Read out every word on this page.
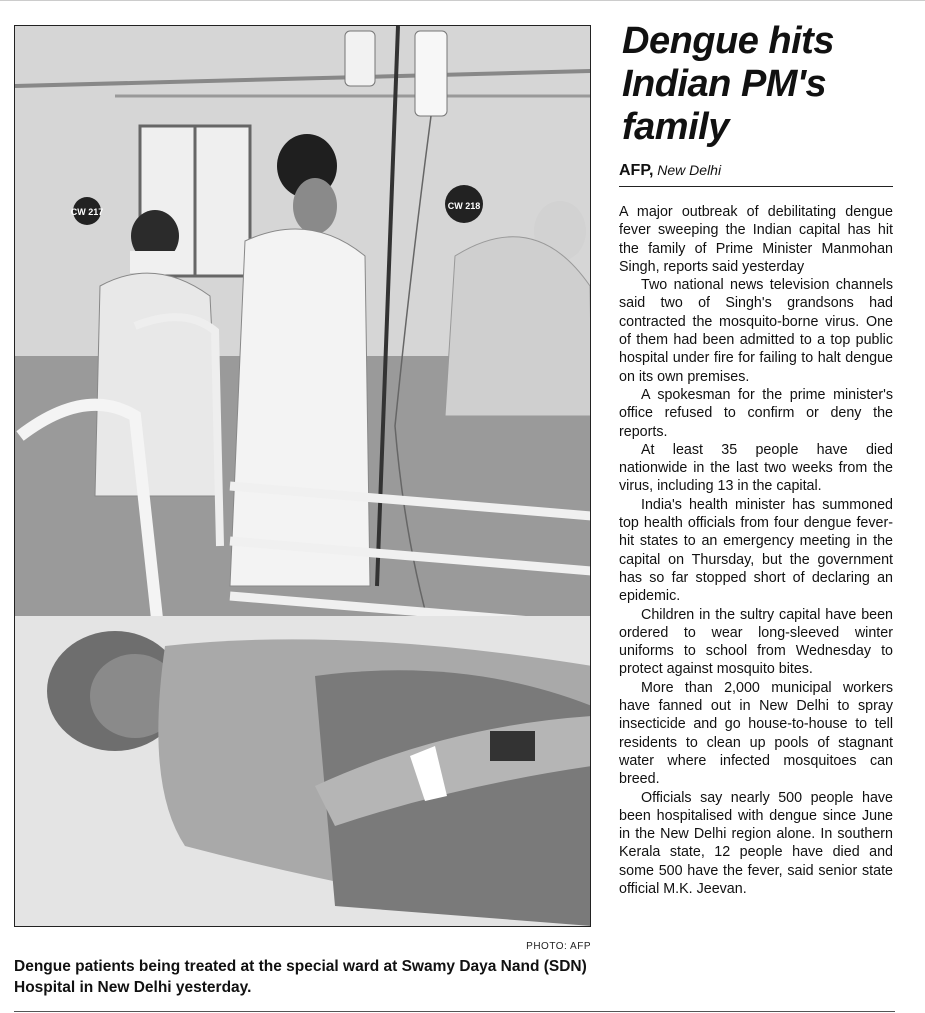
CW 217
CW 218
PHOTO: AFP
Dengue patients being treated at the special ward at Swamy Daya Nand (SDN) Hospital in New Delhi yesterday.
Dengue hits Indian PM's family
AFP, New Delhi

A major outbreak of debilitating dengue fever sweeping the Indian capital has hit the family of Prime Minister Manmohan Singh, reports said yesterday

Two national news television channels said two of Singh's grandsons had contracted the mosquito-borne virus. One of them had been admitted to a top public hospital under fire for failing to halt dengue on its own premises.

A spokesman for the prime minister's office refused to confirm or deny the reports.

At least 35 people have died nationwide in the last two weeks from the virus, including 13 in the capital.

India's health minister has summoned top health officials from four dengue fever-hit states to an emergency meeting in the capital on Thursday, but the government has so far stopped short of declaring an epidemic.

Children in the sultry capital have been ordered to wear long-sleeved winter uniforms to school from Wednesday to protect against mosquito bites.

More than 2,000 municipal workers have fanned out in New Delhi to spray insecticide and go house-to-house to tell residents to clean up pools of stagnant water where infected mosquitoes can breed.

Officials say nearly 500 people have been hospitalised with dengue since June in the New Delhi region alone. In southern Kerala state, 12 people have died and some 500 have the fever, said senior state official M.K. Jeevan.
